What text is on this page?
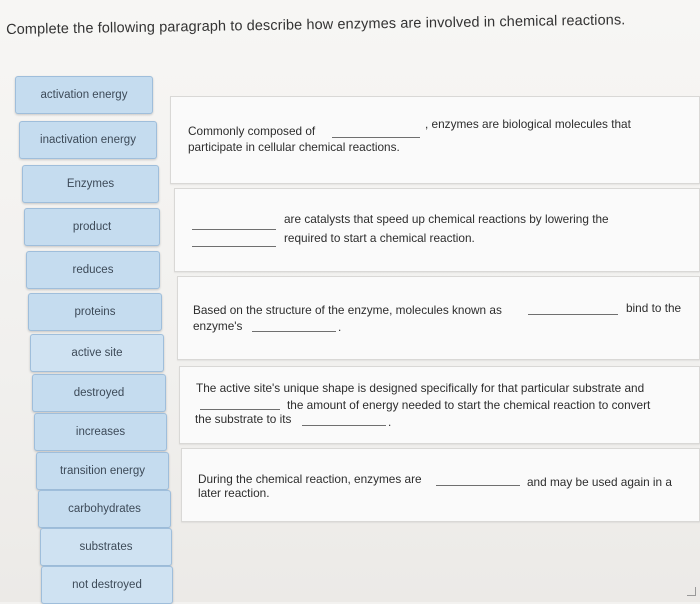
Complete the following paragraph to describe how enzymes are involved in chemical reactions.
activation energy
inactivation energy
Enzymes
product
reduces
proteins
active site
destroyed
increases
transition energy
carbohydrates
substrates
not destroyed
Commonly composed of	, enzymes are biological molecules that
participate in cellular chemical reactions.
are catalysts that speed up chemical reactions by lowering the
required to start a chemical reaction.
Based on the structure of the enzyme, molecules known as	bind to the
enzyme's	.
The active site's unique shape is designed specifically for that particular substrate and
the amount of energy needed to start the chemical reaction to convert
the substrate to its	.
During the chemical reaction, enzymes are	and may be used again in a
later reaction.
